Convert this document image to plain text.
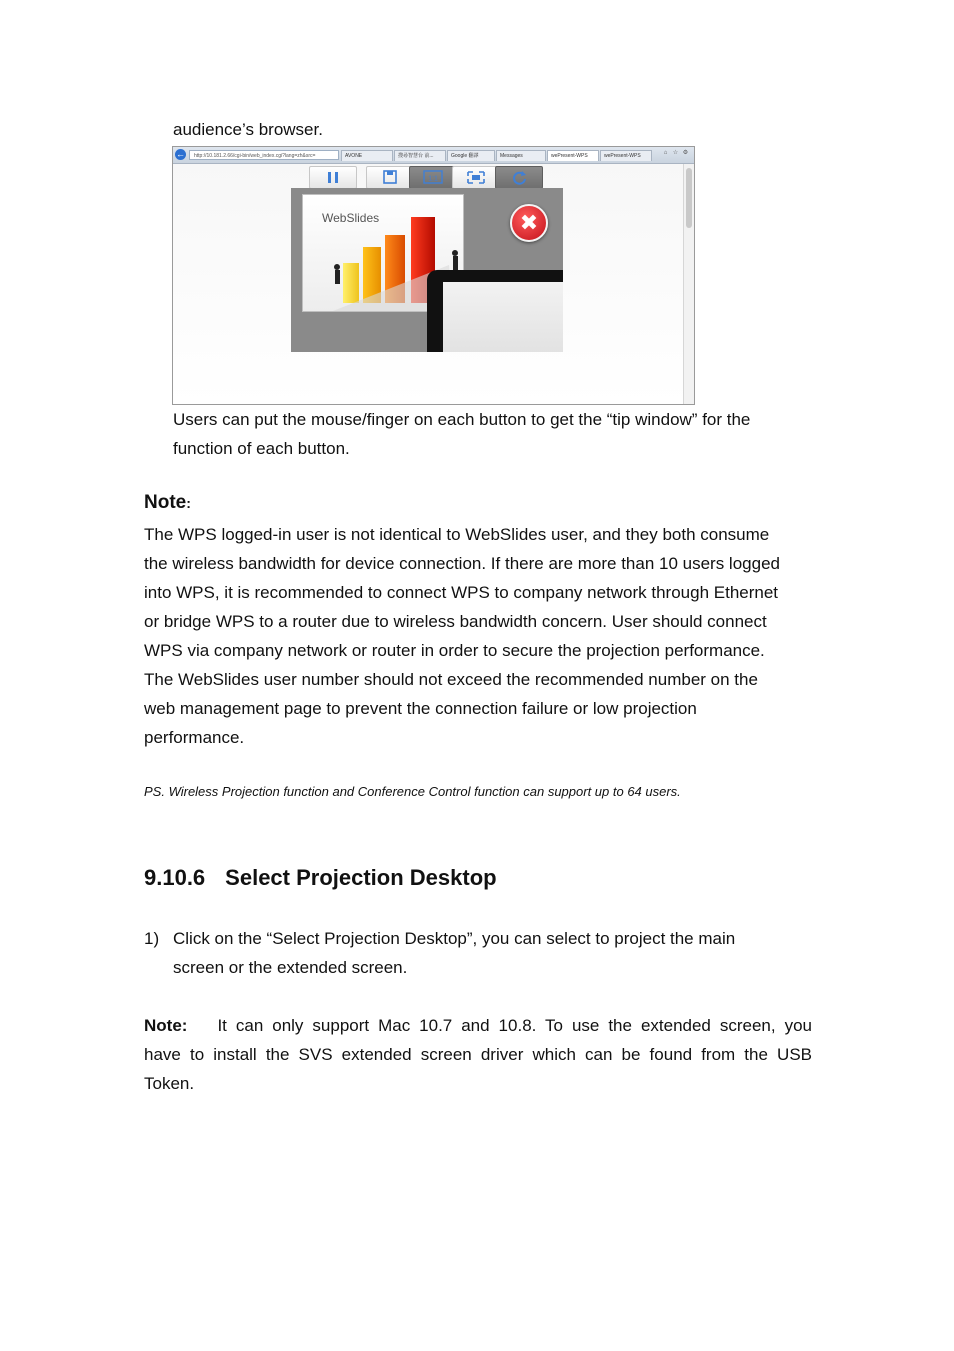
audience’s browser.
←	http://10.181.2.66/cgi-bin/web_index.cgi?lang=zh&src=	AVONE	搜尋智慧台 前...	Google 翻譯	Messages	wePresent-WPS	wePresent-WPS	⌂ ☆ ⚙
1:1
WebSlides	✖
Users can put the mouse/finger on each button to get the “tip window” for the
function of each button.
Note:
The WPS logged-in user is not identical to WebSlides user, and they both consume
the wireless bandwidth for device connection. If there are more than 10 users logged
into WPS, it is recommended to connect WPS to company network through Ethernet
or bridge WPS to a router due to wireless bandwidth concern. User should connect
WPS via company network or router in order to secure the projection performance.
The WebSlides user number should not exceed the recommended number on the
web management page to prevent the connection failure or low projection
performance.
PS. Wireless Projection function and Conference Control function can support up to 64 users.
9.10.6 Select Projection Desktop
1) Click on the “Select Projection Desktop”, you can select to project the main
screen or the extended screen.
Note: It can only support Mac 10.7 and 10.8. To use the extended screen, you
have to install the SVS extended screen driver which can be found from the USB
Token.
